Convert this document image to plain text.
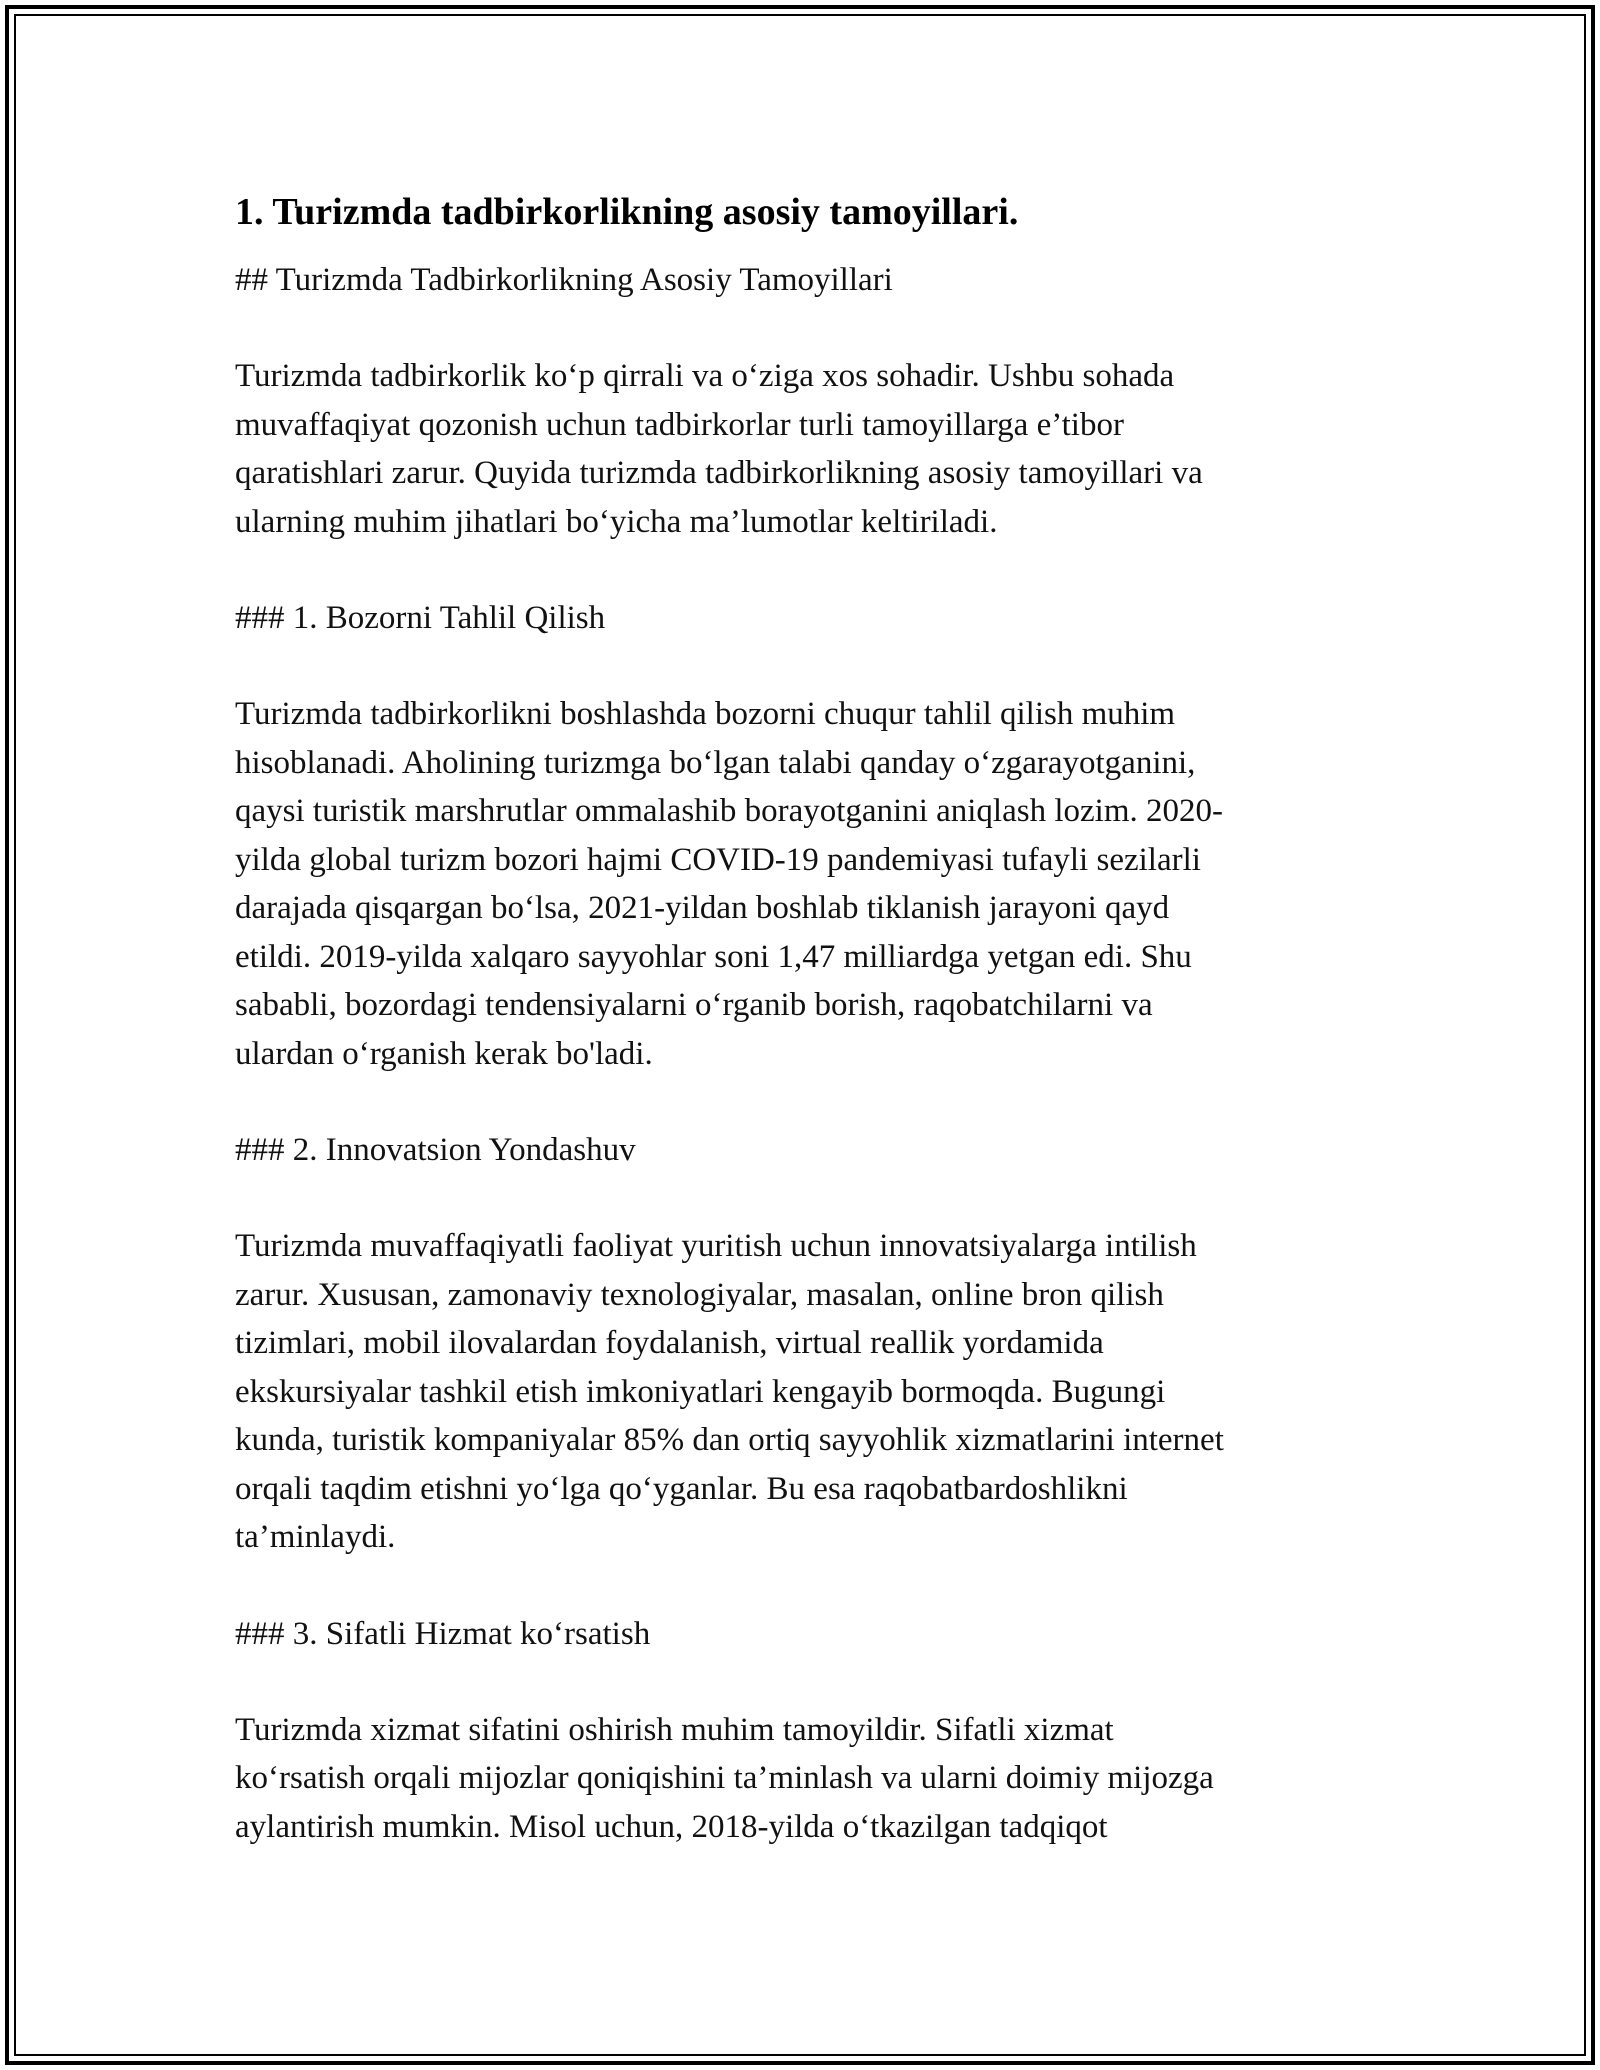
1. Turizmda tadbirkorlikning asosiy tamoyillari.
## Turizmda Tadbirkorlikning Asosiy Tamoyillari
Turizmda tadbirkorlik ko‘p qirrali va o‘ziga xos sohadir. Ushbu sohada
muvaffaqiyat qozonish uchun tadbirkorlar turli tamoyillarga e’tibor
qaratishlari zarur. Quyida turizmda tadbirkorlikning asosiy tamoyillari va
ularning muhim jihatlari bo‘yicha ma’lumotlar keltiriladi.
### 1. Bozorni Tahlil Qilish
Turizmda tadbirkorlikni boshlashda bozorni chuqur tahlil qilish muhim
hisoblanadi. Aholining turizmga bo‘lgan talabi qanday o‘zgarayotganini,
qaysi turistik marshrutlar ommalashib borayotganini aniqlash lozim. 2020-
yilda global turizm bozori hajmi COVID-19 pandemiyasi tufayli sezilarli
darajada qisqargan bo‘lsa, 2021-yildan boshlab tiklanish jarayoni qayd
etildi. 2019-yilda xalqaro sayyohlar soni 1,47 milliardga yetgan edi. Shu
sababli, bozordagi tendensiyalarni o‘rganib borish, raqobatchilarni va
ulardan o‘rganish kerak bo'ladi.
### 2. Innovatsion Yondashuv
Turizmda muvaffaqiyatli faoliyat yuritish uchun innovatsiyalarga intilish
zarur. Xususan, zamonaviy texnologiyalar, masalan, online bron qilish
tizimlari, mobil ilovalardan foydalanish, virtual reallik yordamida
ekskursiyalar tashkil etish imkoniyatlari kengayib bormoqda. Bugungi
kunda, turistik kompaniyalar 85% dan ortiq sayyohlik xizmatlarini internet
orqali taqdim etishni yo‘lga qo‘yganlar. Bu esa raqobatbardoshlikni
ta’minlaydi.
### 3. Sifatli Hizmat ko‘rsatish
Turizmda xizmat sifatini oshirish muhim tamoyildir. Sifatli xizmat
ko‘rsatish orqali mijozlar qoniqishini ta’minlash va ularni doimiy mijozga
aylantirish mumkin. Misol uchun, 2018-yilda o‘tkazilgan tadqiqot
